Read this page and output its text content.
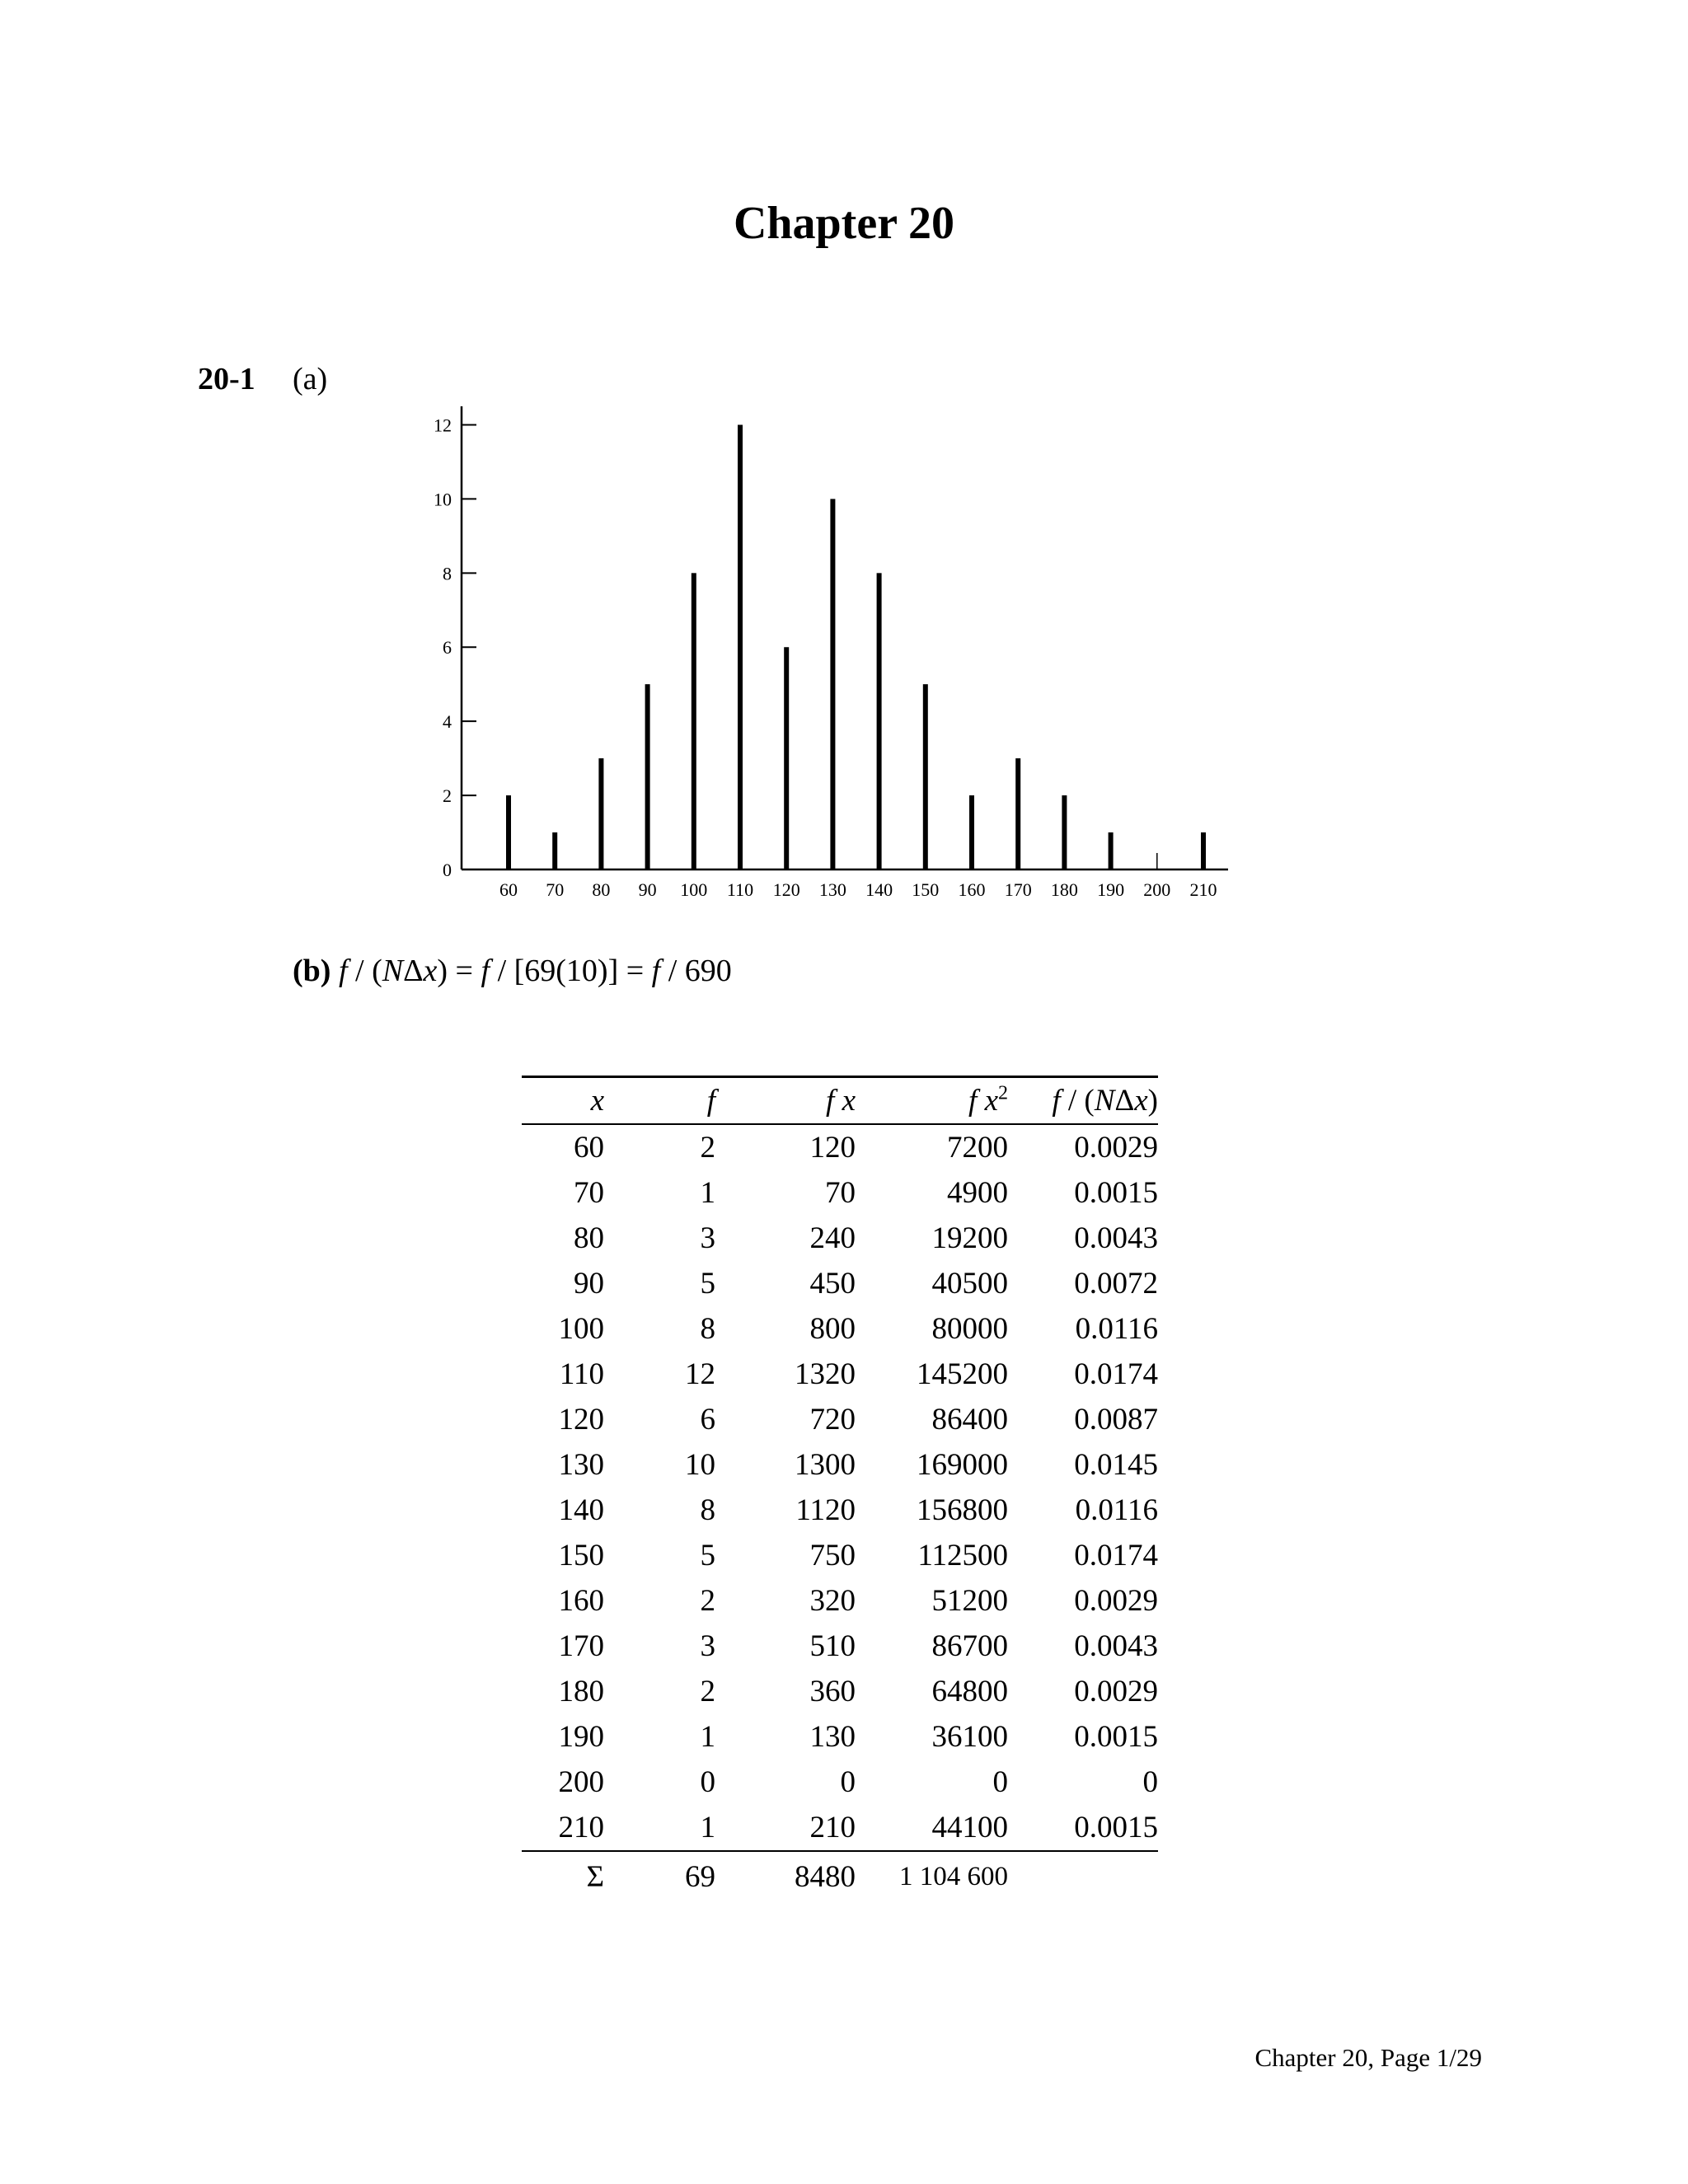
Chapter 20
20-1 (a)
0
2
4
6
8
10
12
60 70 80 90 100 110 120 130 140 150 160 170 180 190 200 210
(b) f / (NΔx) = f / [69(10)] = f / 690
x	f	f x	f $x^2$	f / (NΔx)
60	2	120	7200	0.0029
70	1	70	4900	0.0015
80	3	240	19200	0.0043
90	5	450	40500	0.0072
100	8	800	80000	0.0116
110	12	1320	145200	0.0174
120	6	720	86400	0.0087
130	10	1300	169000	0.0145
140	8	1120	156800	0.0116
150	5	750	112500	0.0174
160	2	320	51200	0.0029
170	3	510	86700	0.0043
180	2	360	64800	0.0029
190	1	130	36100	0.0015
200	0	0	0	0
210	1	210	44100	0.0015
Σ	69	8480	1 104 600	
Chapter 20, Page 1/29
